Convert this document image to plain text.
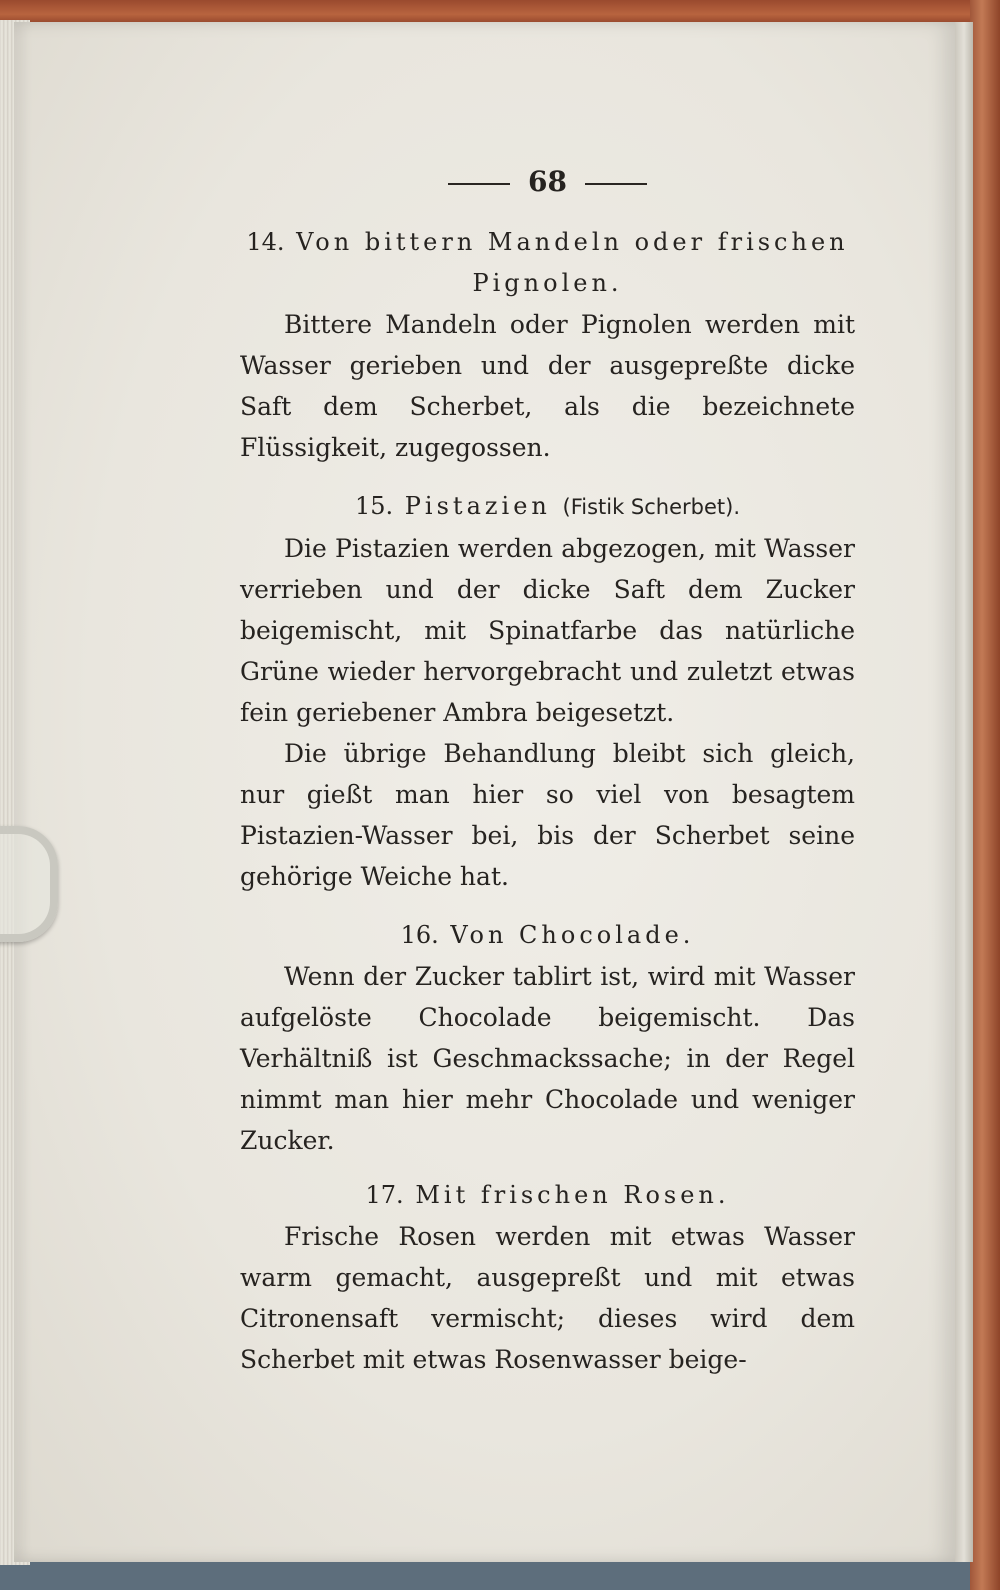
68
14. Von bittern Mandeln oder frischen Pignolen.

Bittere Mandeln oder Pignolen werden mit Wasser gerieben und der ausgepreßte dicke Saft dem Scherbet, als die bezeichnete Flüssigkeit, zugegossen.

15. Pistazien (Fistik Scherbet).

Die Pistazien werden abgezogen, mit Wasser verrieben und der dicke Saft dem Zucker beigemischt, mit Spinatfarbe das natürliche Grüne wieder hervorgebracht und zuletzt etwas fein geriebener Ambra beigesetzt.

Die übrige Behandlung bleibt sich gleich, nur gießt man hier so viel von besagtem Pistazien-Wasser bei, bis der Scherbet seine gehörige Weiche hat.

16. Von Chocolade.

Wenn der Zucker tablirt ist, wird mit Wasser aufgelöste Chocolade beigemischt. Das Verhältniß ist Geschmackssache; in der Regel nimmt man hier mehr Chocolade und weniger Zucker.

17. Mit frischen Rosen.

Frische Rosen werden mit etwas Wasser warm gemacht, ausgepreßt und mit etwas Citronensaft vermischt; dieses wird dem Scherbet mit etwas Rosenwasser beige-
